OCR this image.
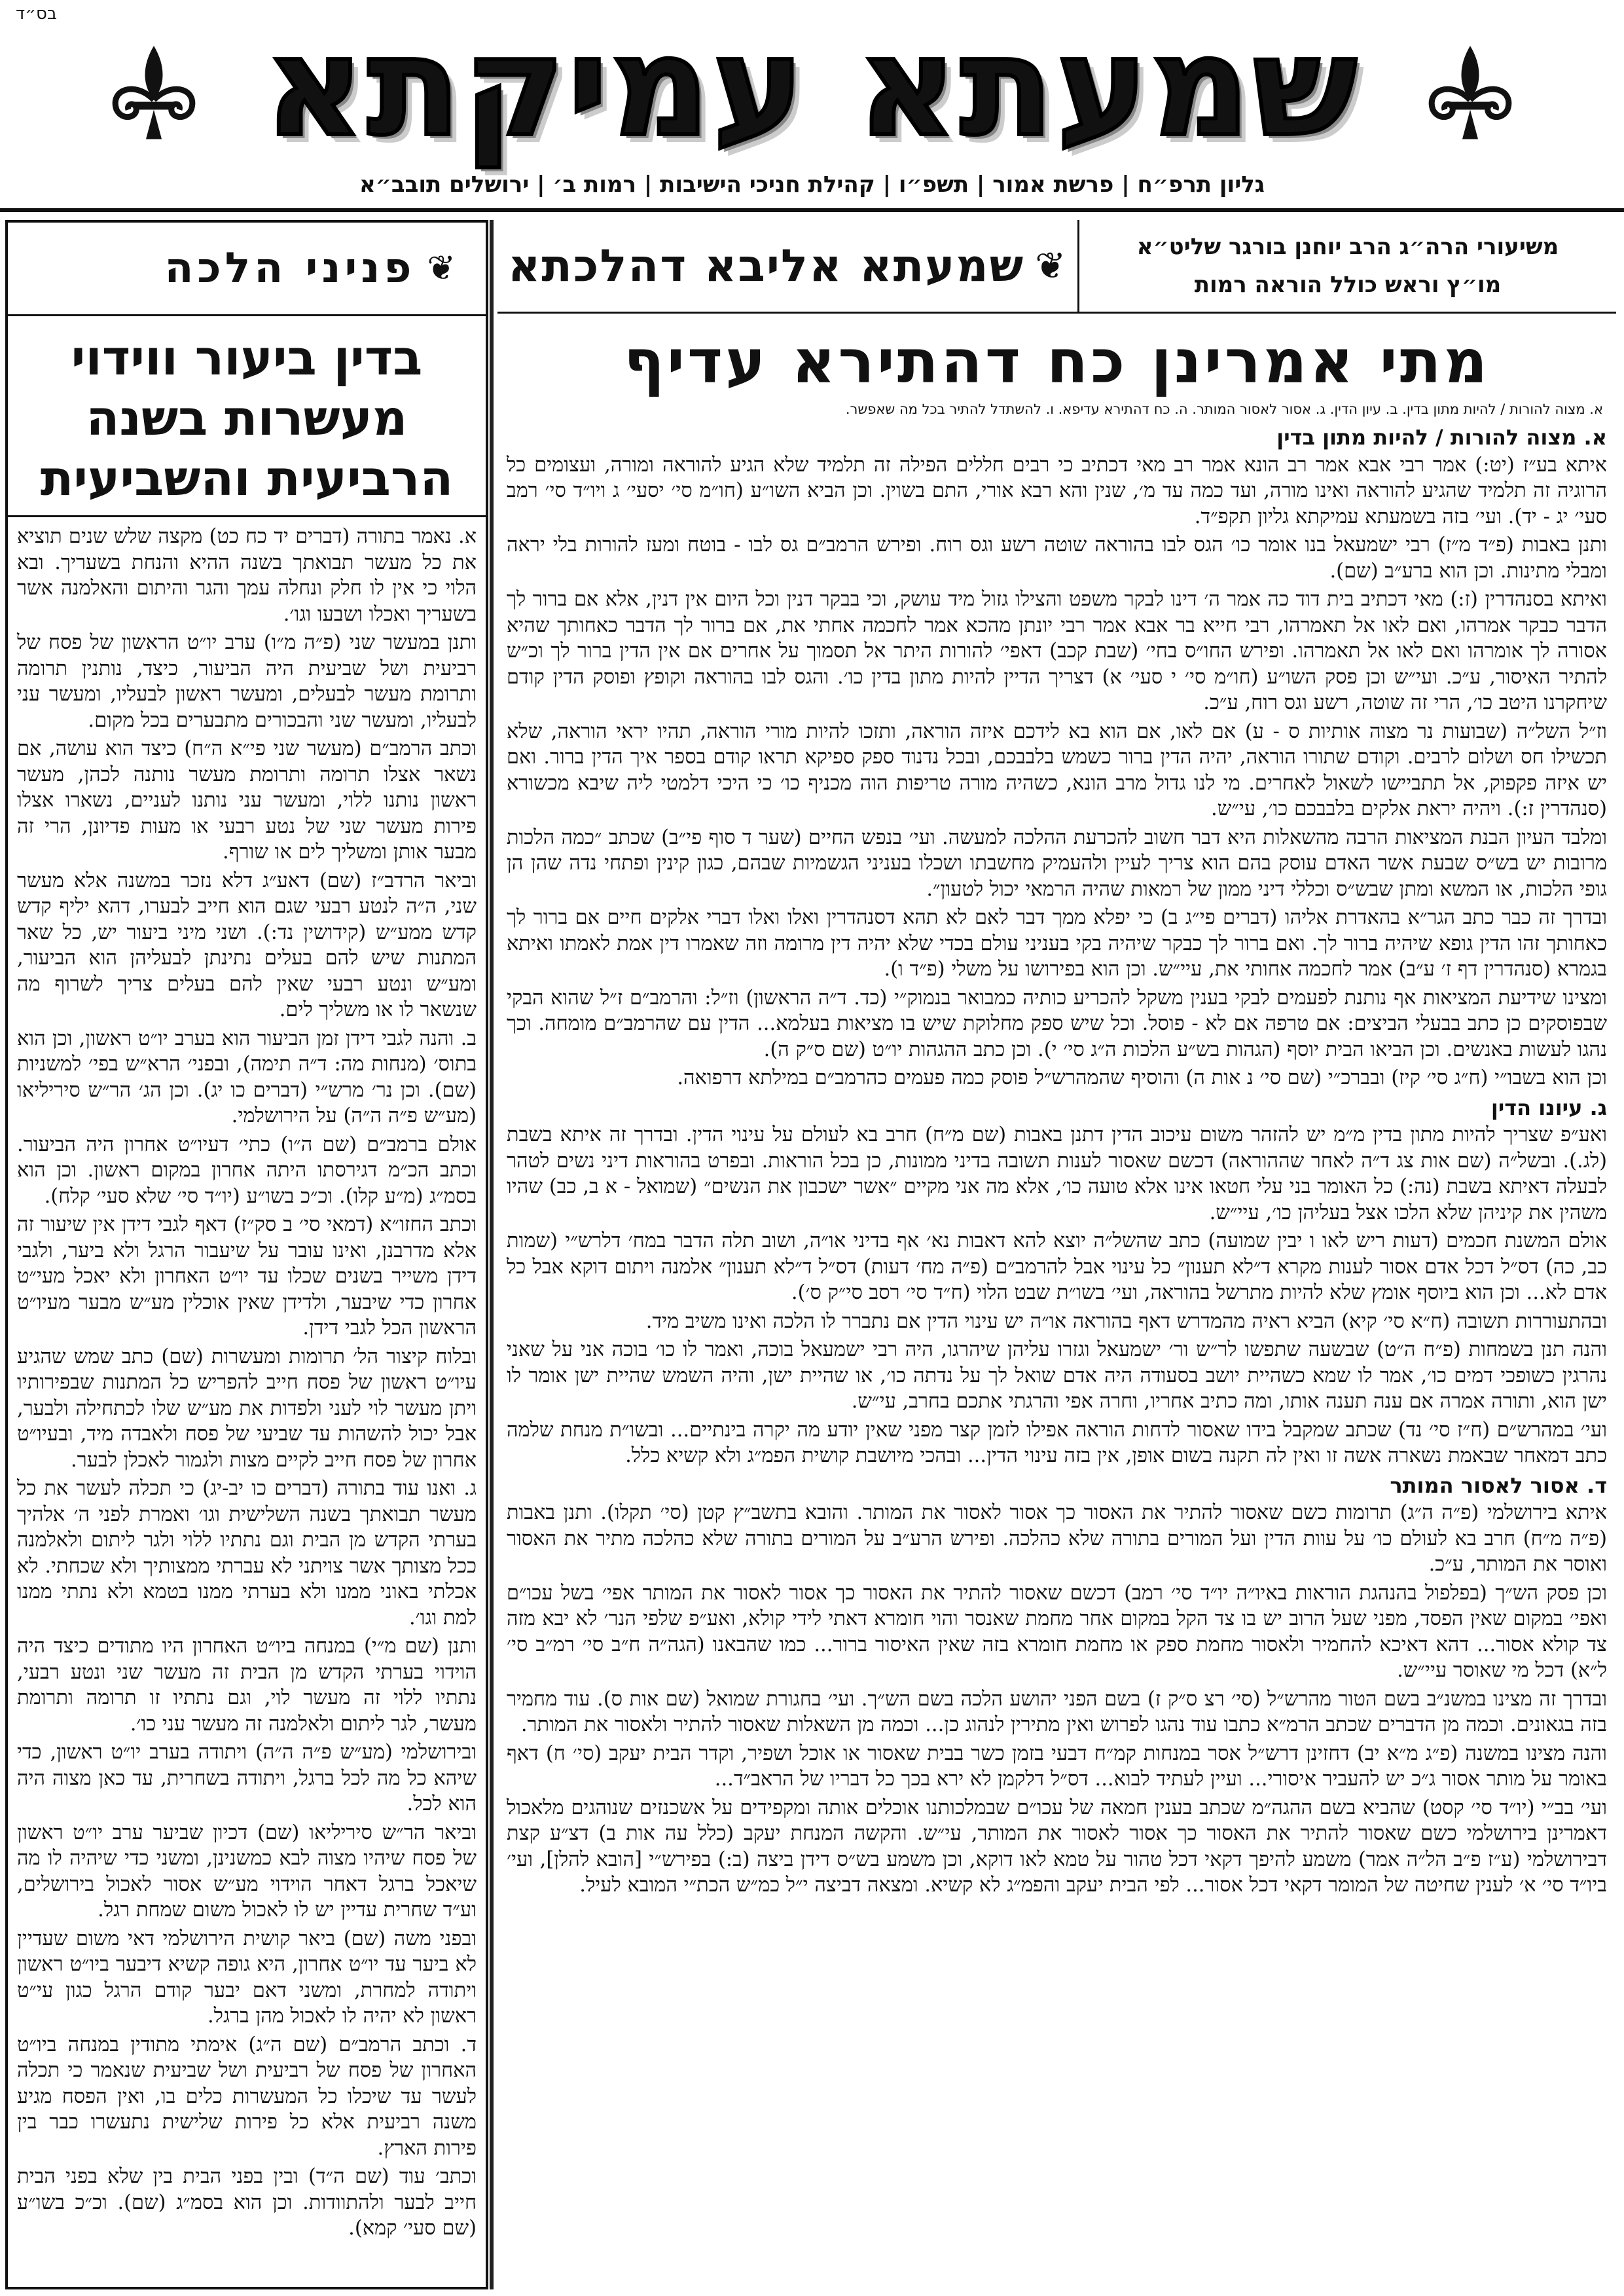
בס״ד	שמעתא עמיקתא
גליון תרפ״ח | פרשת אמור | תשפ״ו | קהילת חניכי הישיבות | רמות ב׳ | ירושלים תובב״א
משיעורי הרה״ג הרב יוחנן בורגר שליט״א
מו״ץ וראש כולל הוראה רמות
❦
שמעתא אליבא דהלכתא
מתי אמרינן כח דהתירא עדיף
א. מצוה להורות / להיות מתון בדין. ב. עיון הדין. ג. אסור לאסור המותר. ה. כח דהתירא עדיפא. ו. להשתדל להתיר בכל מה שאפשר.
א. מצוה להורות / להיות מתון בדין

איתא בע״ז (יט:) אמר רבי אבא אמר רב הונא אמר רב מאי דכתיב כי רבים חללים הפילה זה תלמיד שלא הגיע להוראה ומורה, ועצומים כל הרוגיה זה תלמיד שהגיע להוראה ואינו מורה, ועד כמה עד מ׳, שנין והא רבא אורי, התם בשוין. וכן הביא השו״ע (חו״מ סי׳ יסעי׳ ג ויו״ד סי׳ רמב סעי׳ יג - יד). ועי׳ בזה בשמעתא עמיקתא גליון תקפ״ד.

ותנן באבות (פ״ד מ״ז) רבי ישמעאל בנו אומר כו׳ הגס לבו בהוראה שוטה רשע וגס רוח. ופירש הרמב״ם גס לבו - בוטח ומעז להורות בלי יראה ומבלי מתינות. וכן הוא ברע״ב (שם).

ואיתא בסנהדרין (ז:) מאי דכתיב בית דוד כה אמר ה׳ דינו לבקר משפט והצילו גזול מיד עושק, וכי בבקר דנין וכל היום אין דנין, אלא אם ברור לך הדבר כבקר אמרהו, ואם לאו אל תאמרהו, רבי חייא בר אבא אמר רבי יונתן מהכא אמר לחכמה אחתי את, אם ברור לך הדבר כאחותך שהיא אסורה לך אומרהו ואם לאו אל תאמרהו. ופירש החו״ס בחי׳ (שבת קכב) דאפי׳ להורות היתר אל תסמוך על אחרים אם אין הדין ברור לך וכ״ש להתיר האיסור, ע״כ. ועי״ש וכן פסק השו״ע (חו״מ סי׳ י סעי׳ א) דצריך הדיין להיות מתון בדין כו׳. והגס לבו בהוראה וקופץ ופוסק הדין קודם שיחקרנו היטב כו׳, הרי זה שוטה, רשע וגס רוח, ע״כ.

וז״ל השל״ה (שבועות נר מצוה אותיות ס - ע) אם לאו, אם הוא בא לידכם איזה הוראה, ותזכו להיות מורי הוראה, תהיו יראי הוראה, שלא תכשילו חס ושלום לרבים. וקודם שתורו הוראה, יהיה הדין ברור כשמש בלבבכם, ובכל נדנוד ספק ספיקא תראו קודם בספר איך הדין ברור. ואם יש איזה פקפוק, אל תתביישו לשאול לאחרים. מי לנו גדול מרב הונא, כשהיה מורה טריפות הוה מכניף כו׳ כי היכי דלמטי ליה שיבא מכשורא (סנהדרין ז:). ויהיה יראת אלקים בלבבכם כו׳, עי״ש.

ומלבד העיון הבנת המציאות הרבה מהשאלות היא דבר חשוב להכרעת ההלכה למעשה. ועי׳ בנפש החיים (שער ד סוף פי״ב) שכתב ״כמה הלכות מרובות יש בש״ס שבעת אשר האדם עוסק בהם הוא צריך לעיין ולהעמיק מחשבתו ושכלו בעניני הגשמיות שבהם, כגון קינין ופתחי נדה שהן הן גופי הלכות, או המשא ומתן שבש״ס וכללי דיני ממון של רמאות שהיה הרמאי יכול לטעון״.

ובדרך זה כבר כתב הגר״א בהאדרת אליהו (דברים פי״ג ב) כי יפלא ממך דבר לאם לא תהא דסנהדרין ואלו ואלו דברי אלקים חיים אם ברור לך כאחותך זהו הדין גופא שיהיה ברור לך. ואם ברור לך כבקר שיהיה בקי בעניני עולם בכדי שלא יהיה דין מרומה וזה שאמרו דין אמת לאמתו ואיתא בגמרא (סנהדרין דף ז׳ ע״ב) אמר לחכמה אחותי את, עיי״ש. וכן הוא בפירושו על משלי (פ״ד ו).

ומצינו שידיעת המציאות אף נותנת לפעמים לבקי בענין משקל להכריע כותיה כמבואר בנמוק״י (כד. ד״ה הראשון) וז״ל: והרמב״ם ז״ל שהוא הבקי שבפוסקים כן כתב בבעלי הביצים: אם טרפה אם לא - פוסל. וכל שיש ספק מחלוקת שיש בו מציאות בעלמא... הדין עם שהרמב״ם מומחה. וכך נהגו לעשות באנשים. וכן הביאו הבית יוסף (הגהות בש״ע הלכות ה״ג סי׳ י). וכן כתב ההגהות יו״ט (שם ס״ק ה).

וכן הוא בשבו״י (ח״ג סי׳ קיז) ובברכ״י (שם סי׳ נ אות ה) והוסיף שהמהרש״ל פוסק כמה פעמים כהרמב״ם במילתא דרפואה.

ג. עיונו הדין

ואע״פ שצריך להיות מתון בדין מ״מ יש להזהר משום עיכוב הדין דתנן באבות (שם מ״ח) חרב בא לעולם על עינוי הדין. ובדרך זה איתא בשבת (לג.). ובשל״ה (שם אות צג ד״ה לאחר שההוראה) דכשם שאסור לענות תשובה בדיני ממונות, כן בכל הוראות. ובפרט בהוראות דיני נשים לטהר לבעלה דאיתא בשבת (נה:) כל האומר בני עלי חטאו אינו אלא טועה כו׳, אלא מה אני מקיים ״אשר ישכבון את הנשים״ (שמואל - א ב, כב) שהיו משהין את קיניהן שלא הלכו אצל בעליהן כו׳, עיי״ש.

אולם המשנת חכמים (דעות ריש לאו ו יבין שמועה) כתב שהשל״ה יוצא להא דאבות נא׳ אף בדיני או״ה, ושוב תלה הדבר במח׳ דלרש״י (שמות כב, כה) דס״ל דכל אדם אסור לענות מקרא ד״לא תענון״ כל עינוי אבל להרמב״ם (פ״ה מח׳ דעות) דס״ל ד״לא תענון״ אלמנה ויתום דוקא אבל כל אדם לא... וכן הוא ביוסף אומץ שלא להיות מתרשל בהוראה, ועי׳ בשו״ת שבט הלוי (ח״ד סי׳ רסב סי״ק ס׳).

ובהתעוררות תשובה (ח״א סי׳ קיא) הביא ראיה מהמדרש דאף בהוראה או״ה יש עינוי הדין אם נתברר לו הלכה ואינו משיב מיד.

והנה תנן בשמחות (פ״ח ה״ט) שבשעה שתפשו לר״ש ור׳ ישמעאל וגזרו עליהן שיהרגו, היה רבי ישמעאל בוכה, ואמר לו כו׳ בוכה אני על שאני נהרגין כשופכי דמים כו׳, אמר לו שמא כשהיית יושב בסעודה היה אדם שואל לך על נדתה כו׳, או שהיית ישן, והיה השמש שהיית ישן אומר לו ישן הוא, ותורה אמרה אם ענה תענה אותו, ומה כתיב אחריו, וחרה אפי והרגתי אתכם בחרב, עי״ש.

ועי׳ במהרש״ם (ח״ז סי׳ נד) שכתב שמקבל בידו שאסור לדחות הוראה אפילו לזמן קצר מפני שאין יודע מה יקרה בינתיים... ובשו״ת מנחת שלמה כתב דמאחר שבאמת נשארה אשה זו ואין לה תקנה בשום אופן, אין בזה עינוי הדין... ובהכי מיושבת קושית הפמ״ג ולא קשיא כלל.

ד. אסור לאסור המותר

איתא בירושלמי (פ״ה ה״ג) תרומות כשם שאסור להתיר את האסור כך אסור לאסור את המותר. והובא בתשב״ץ קטן (סי׳ תקלו). ותנן באבות (פ״ה מ״ח) חרב בא לעולם כו׳ על עוות הדין ועל המורים בתורה שלא כהלכה. ופירש הרע״ב על המורים בתורה שלא כהלכה מתיר את האסור ואוסר את המותר, ע״כ.

וכן פסק הש״ך (בפלפול בהנהגת הוראות באיו״ה יו״ד סי׳ רמב) דכשם שאסור להתיר את האסור כך אסור לאסור את המותר אפי׳ בשל עכו״ם ואפי׳ במקום שאין הפסד, מפני שעל הרוב יש בו צד הקל במקום אחר מחמת שאנסר והוי חומרא דאתי לידי קולא, ואע״פ שלפי הנר׳ לא יבא מזה צד קולא אסור... דהא דאיכא להחמיר ולאסור מחמת ספק או מחמת חומרא בזה שאין האיסור ברור... כמו שהבאנו (הגה״ה ח״ב סי׳ רמ״ב סי׳ ל״א) דכל מי שאוסר עיי״ש.

ובדרך זה מצינו במשנ״ב בשם הטור מהרש״ל (סי׳ רצ ס״ק ז) בשם הפני יהושע הלכה בשם הש״ך. ועי׳ בחגורת שמואל (שם אות ס). עוד מחמיר בזה בגאונים. וכמה מן הדברים שכתב הרמ״א כתבו עוד נהגו לפרוש ואין מתירין לנהוג כן... וכמה מן השאלות שאסור להתיר ולאסור את המותר.

והנה מצינו במשנה (פ״ג מ״א יב) דחזינן דרש״ל אסר במנחות קמ״ח דבעי בזמן כשר בבית שאסור או אוכל ושפיר, וקדר הבית יעקב (סי׳ ח) דאף באומר על מותר אסור ג״כ יש להעביר איסורי... ועיין לעתיד לבוא... דס״ל דלקמן לא ירא בכך כל דבריו של הראב״ד...

ועי׳ בב״י (יו״ד סי׳ קסט) שהביא בשם ההגה״מ שכתב בענין חמאה של עכו״ם שבמלכותנו אוכלים אותה ומקפידים על אשכנזים שנוהגים מלאכול דאמרינן בירושלמי כשם שאסור להתיר את האסור כך אסור לאסור את המותר, עי״ש. והקשה המנחת יעקב (כלל עה אות ב) דצ״ע קצת דבירושלמי (ע״ז פ״ב הל״ה אמר) משמע להיפך דקאי דכל טהור על טמא לאו דוקא, וכן משמע בש״ס דידן ביצה (ב:) בפירש״י [הובא להלן], ועי׳ ביו״ד סי׳ א׳ לענין שחיטה של המומר דקאי דכל אסור... לפי הבית יעקב והפמ״ג לא קשיא. ומצאה דביצה י״ל כמ״ש הכת״י המובא לעיל.

❦
פניני הלכה
בדין ביעור ווידוי מעשרות בשנה הרביעית והשביעית

א. נאמר בתורה (דברים יד כח כט) מקצה שלש שנים תוציא את כל מעשר תבואתך בשנה ההיא והנחת בשעריך. ובא הלוי כי אין לו חלק ונחלה עמך והגר והיתום והאלמנה אשר בשעריך ואכלו ושבעו וגו׳.

ותנן במעשר שני (פ״ה מ״ו) ערב יו״ט הראשון של פסח של רביעית ושל שביעית היה הביעור, כיצד, נותנין תרומה ותרומת מעשר לבעלים, ומעשר ראשון לבעליו, ומעשר עני לבעליו, ומעשר שני והבכורים מתבערים בכל מקום.

וכתב הרמב״ם (מעשר שני פי״א ה״ח) כיצד הוא עושה, אם נשאר אצלו תרומה ותרומת מעשר נותנה לכהן, מעשר ראשון נותנו ללוי, ומעשר עני נותנו לעניים, נשארו אצלו פירות מעשר שני של נטע רבעי או מעות פדיונן, הרי זה מבער אותן ומשליך לים או שורף.

וביאר הרדב״ז (שם) דאע״ג דלא נזכר במשנה אלא מעשר שני, ה״ה לנטע רבעי שגם הוא חייב לבערו, דהא יליף קדש קדש ממע״ש (קידושין נד:). ושני מיני ביעור יש, כל שאר המתנות שיש להם בעלים נתינתן לבעליהן הוא הביעור, ומע״ש ונטע רבעי שאין להם בעלים צריך לשרוף מה שנשאר לו או משליך לים.

ב. והנה לגבי דידן זמן הביעור הוא בערב יו״ט ראשון, וכן הוא בתוס׳ (מנחות מה: ד״ה תימה), ובפני׳ הרא״ש בפי׳ למשניות (שם). וכן נר׳ מרש״י (דברים כו יג). וכן הג׳ הר״ש סיריליאו (מע״ש פ״ה ה״ה) על הירושלמי.

אולם ברמב״ם (שם ה״ו) כתי׳ דעיו״ט אחרון היה הביעור. וכתב הכ״מ דגירסתו היתה אחרון במקום ראשון. וכן הוא בסמ״ג (מ״ע קלו). וכ״כ בשו״ע (יו״ד סי׳ שלא סעי׳ קלח).

וכתב החזו״א (דמאי סי׳ ב סק״ז) דאף לגבי דידן אין שיעור זה אלא מדרבנן, ואינו עובר על שיעבור הרגל ולא ביער, ולגבי דידן משייר בשנים שכלו עד יו״ט האחרון ולא יאכל מעי״ט אחרון כדי שיבער, ולדידן שאין אוכלין מע״ש מבער מעיו״ט הראשון הכל לגבי דידן.

ובלוח קיצור הל׳ תרומות ומעשרות (שם) כתב שמש שהגיע עיו״ט ראשון של פסח חייב להפריש כל המתנות שבפירותיו ויתן מעשר לוי לעני ולפדות את מע״ש שלו לכתחילה ולבער, אבל יכול להשהות עד שביעי של פסח ולאבדה מיד, ובעיו״ט אחרון של פסח חייב לקיים מצות ולגמור לאכלן לבער.

ג. ואנו עוד בתורה (דברים כו יב-יג) כי תכלה לעשר את כל מעשר תבואתך בשנה השלישית וגו׳ ואמרת לפני ה׳ אלהיך בערתי הקדש מן הבית וגם נתתיו ללוי ולגר ליתום ולאלמנה ככל מצותך אשר צויתני לא עברתי ממצותיך ולא שכחתי. לא אכלתי באוני ממנו ולא בערתי ממנו בטמא ולא נתתי ממנו למת וגו׳.

ותנן (שם מ״י) במנחה ביו״ט האחרון היו מתודים כיצד היה הוידוי בערתי הקדש מן הבית זה מעשר שני ונטע רבעי, נתתיו ללוי זה מעשר לוי, וגם נתתיו זו תרומה ותרומת מעשר, לגר ליתום ולאלמנה זה מעשר עני כו׳.

ובירושלמי (מע״ש פ״ה ה״ה) ויתודה בערב יו״ט ראשון, כדי שיהא כל מה לכל ברגל, ויתודה בשחרית, עד כאן מצוה היה הוא לכל.

וביאר הר״ש סיריליאו (שם) דכיון שביער ערב יו״ט ראשון של פסח שיהיו מצוה לבא כמשנינן, ומשני כדי שיהיה לו מה שיאכל ברגל דאחר הוידוי מע״ש אסור לאכול בירושלים, וע״ד שחרית עדיין יש לו לאכול משום שמחת רגל.

ובפני משה (שם) ביאר קושית הירושלמי דאי משום שעדיין לא ביער עד יו״ט אחרון, היא גופה קשיא דיבער ביו״ט ראשון ויתודה למחרת, ומשני דאם יבער קודם הרגל כגון עי״ט ראשון לא יהיה לו לאכול מהן ברגל.

ד. וכתב הרמב״ם (שם ה״ג) אימתי מתודין במנחה ביו״ט האחרון של פסח של רביעית ושל שביעית שנאמר כי תכלה לעשר עד שיכלו כל המעשרות כלים בו, ואין הפסח מגיע משנה רביעית אלא כל פירות שלישית נתעשרו כבר בין פירות הארץ.

וכתב׳ עוד (שם ה״ד) ובין בפני הבית בין שלא בפני הבית חייב לבער ולהתוודות. וכן הוא בסמ״ג (שם). וכ״כ בשו״ע (שם סעי׳ קמא).
